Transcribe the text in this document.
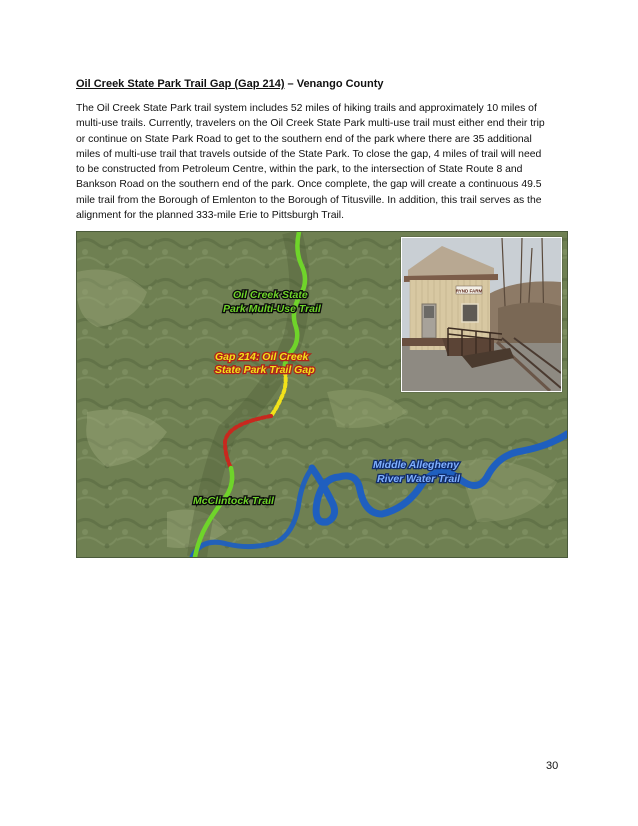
Oil Creek State Park Trail Gap (Gap 214) – Venango County
The Oil Creek State Park trail system includes 52 miles of hiking trails and approximately 10 miles of
multi-use trails. Currently, travelers on the Oil Creek State Park multi-use trail must either end their trip
or continue on State Park Road to get to the southern end of the park where there are 35 additional
miles of multi-use trail that travels outside of the State Park. To close the gap, 4 miles of trail will need
to be constructed from Petroleum Centre, within the park, to the intersection of State Route 8 and
Bankson Road on the southern end of the park. Once complete, the gap will create a continuous 49.5
mile trail from the Borough of Emlenton to the Borough of Titusville. In addition, this trail serves as the
alignment for the planned 333-mile Erie to Pittsburgh Trail.
Oil Creek State
Park Multi-Use Trail
Gap 214: Oil Creek
State Park Trail Gap
McClintock Trail
Middle Allegheny
River Water Trail
RYND FARM
30
